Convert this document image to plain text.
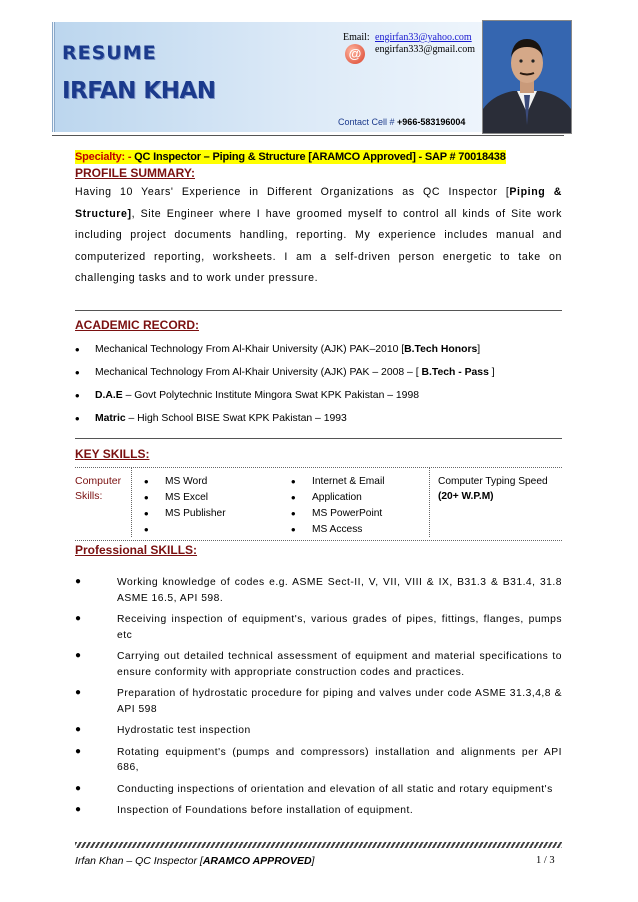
RESUME
IRFAN KHAN
Email: engirfan33@yahoo.com
engirfan333@gmail.com
@
Contact Cell # +966-583196004
Specialty: - QC Inspector – Piping & Structure [ARAMCO Approved] - SAP # 70018438
PROFILE SUMMARY:
Having 10 Years' Experience in Different Organizations as QC Inspector [Piping & Structure], Site Engineer where I have groomed myself to control all kinds of Site work including project documents handling, reporting. My experience includes manual and computerized reporting, worksheets. I am a self-driven person energetic to take on challenging tasks and to work under pressure.
ACADEMIC RECORD:
• Mechanical Technology From Al-Khair University (AJK) PAK–2010 [B.Tech Honors]
• Mechanical Technology From Al-Khair University (AJK) PAK – 2008 – [ B.Tech - Pass ]
• D.A.E – Govt Polytechnic Institute Mingora Swat KPK Pakistan – 1998
• Matric – High School BISE Swat KPK Pakistan – 1993
KEY SKILLS:
Computer Skills:
• MS Word
• MS Excel
• MS Publisher
•
• Internet & Email
• Application
• MS PowerPoint
• MS Access
Computer Typing Speed
(20+ W.P.M)
Professional SKILLS:
● Working knowledge of codes e.g. ASME Sect-II, V, VII, VIII & IX, B31.3 & B31.4, 31.8 ASME 16.5, API 598.
● Receiving inspection of equipment's, various grades of pipes, fittings, flanges, pumps etc
● Carrying out detailed technical assessment of equipment and material specifications to ensure conformity with appropriate construction codes and practices.
● Preparation of hydrostatic procedure for piping and valves under code ASME 31.3,4,8 & API 598
● Hydrostatic test inspection
● Rotating equipment's (pumps and compressors) installation and alignments per API 686,
● Conducting inspections of orientation and elevation of all static and rotary equipment's
● Inspection of Foundations before installation of equipment.
Irfan Khan – QC Inspector [ARAMCO APPROVED]	1 / 3
